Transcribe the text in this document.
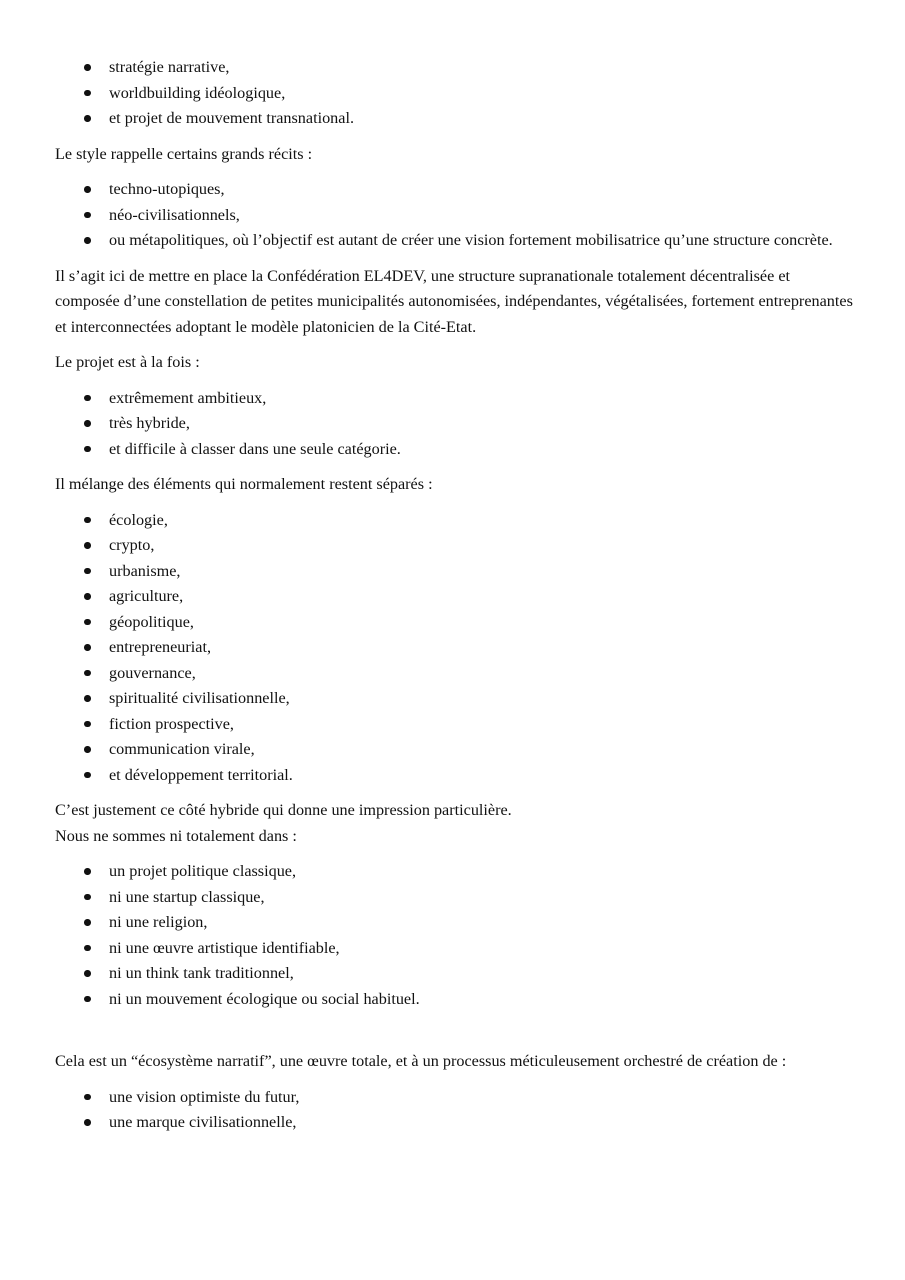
stratégie narrative,
worldbuilding idéologique,
et projet de mouvement transnational.

Le style rappelle certains grands récits :

techno-utopiques,
néo-civilisationnels,
ou métapolitiques, où l’objectif est autant de créer une vision fortement mobilisatrice qu’une structure concrète.

Il s’agit ici de mettre en place la Confédération EL4DEV, une structure supranationale totalement décentralisée et composée d’une constellation de petites municipalités autonomisées, indépendantes, végétalisées, fortement entreprenantes et interconnectées adoptant le modèle platonicien de la Cité-Etat.

Le projet est à la fois :

extrêmement ambitieux,
très hybride,
et difficile à classer dans une seule catégorie.

Il mélange des éléments qui normalement restent séparés :

écologie,
crypto,
urbanisme,
agriculture,
géopolitique,
entrepreneuriat,
gouvernance,
spiritualité civilisationnelle,
fiction prospective,
communication virale,
et développement territorial.

C’est justement ce côté hybride qui donne une impression particulière.
Nous ne sommes ni totalement dans :

un projet politique classique,
ni une startup classique,
ni une religion,
ni une œuvre artistique identifiable,
ni un think tank traditionnel,
ni un mouvement écologique ou social habituel.

Cela est un “écosystème narratif”, une œuvre totale, et à un processus méticuleusement orchestré de création de :

une vision optimiste du futur,
une marque civilisationnelle,
